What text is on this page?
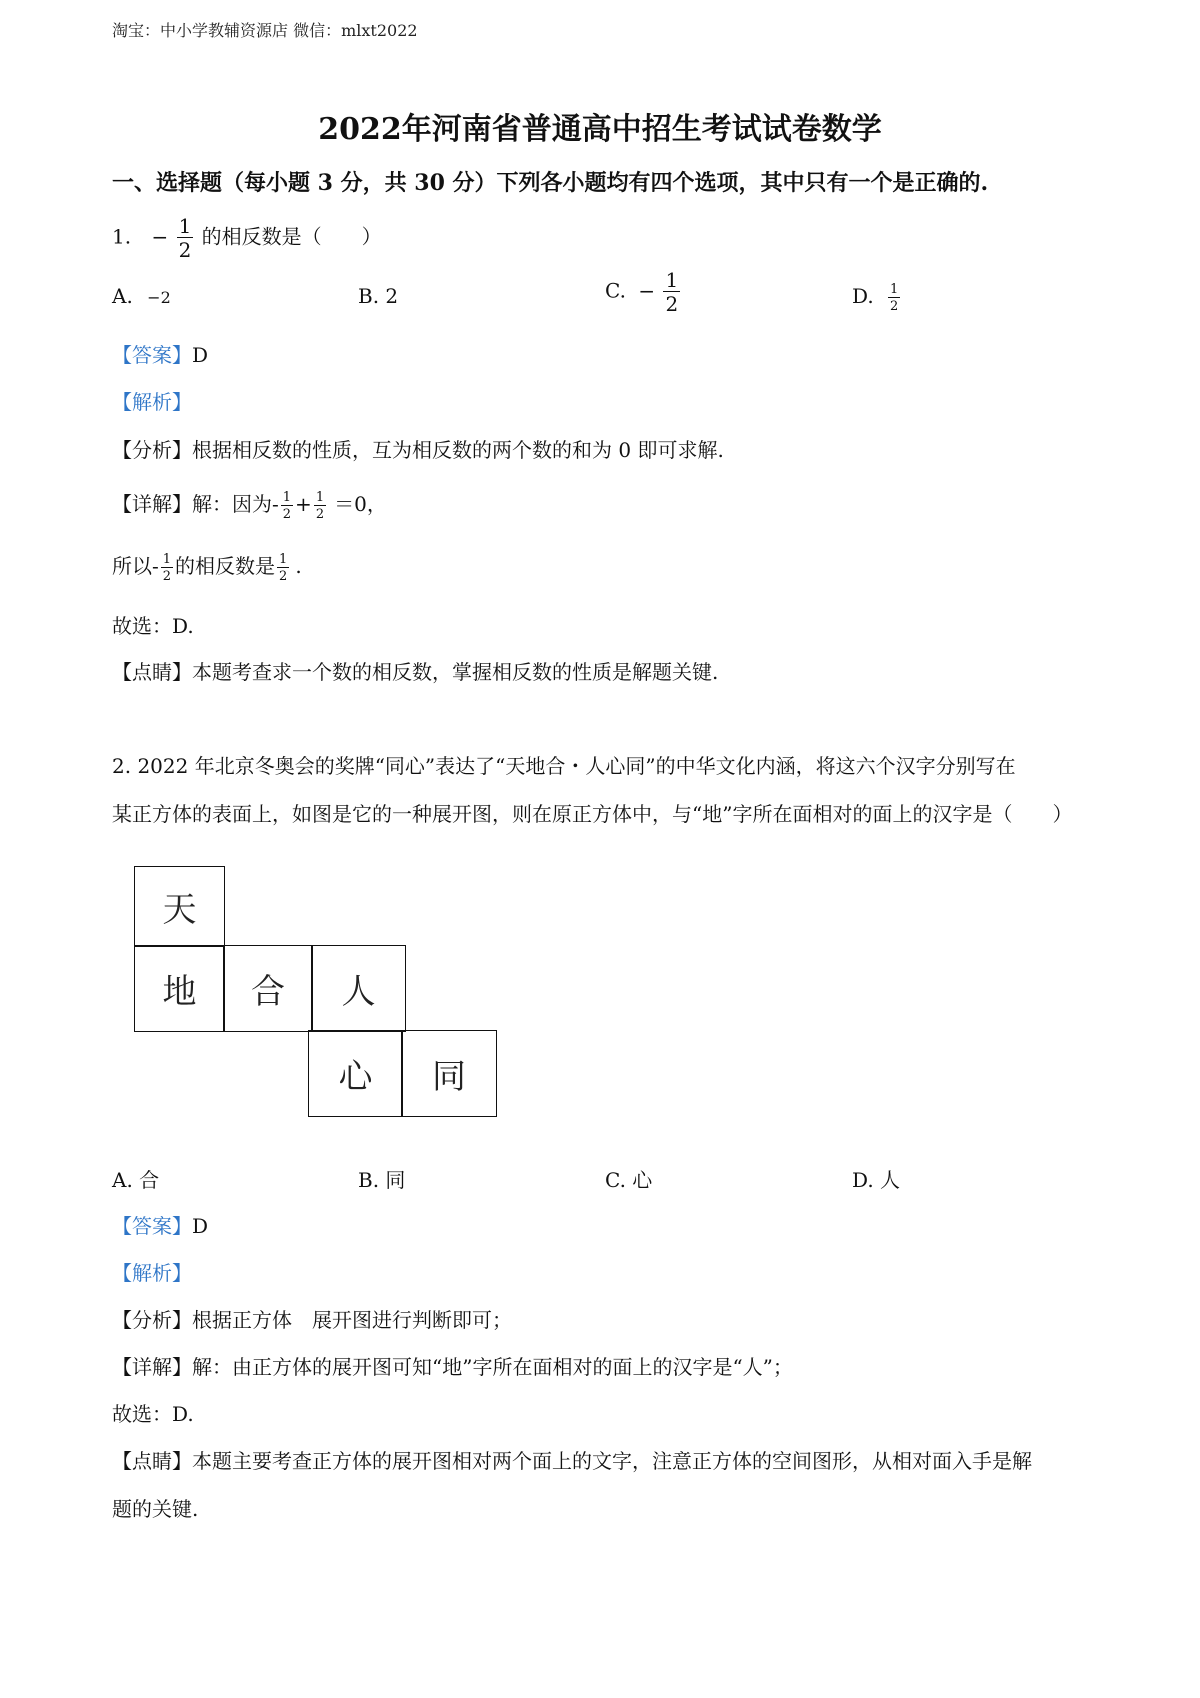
淘宝：中小学教辅资源店 微信：mlxt2022
2022年河南省普通高中招生考试试卷数学
一、选择题（每小题 3 分，共 30 分）下列各小题均有四个选项，其中只有一个是正确的.
1. − $\frac{1}{2}$ 的相反数是（　　）
A. −2	B. 2	C. − $\frac{1}{2}$	D. $\frac{1}{2}$
【答案】D
【解析】
【分析】根据相反数的性质，互为相反数的两个数的和为 0 即可求解.
【详解】解：因为- $\frac{1}{2} + \frac{1}{2} =0$，
所以- $\frac{1}{2}$ 的相反数是 $\frac{1}{2}$ .
故选：D.
【点睛】本题考查求一个数的相反数，掌握相反数的性质是解题关键.
2. 2022 年北京冬奥会的奖牌“同心”表达了“天地合・人心同”的中华文化内涵，将这六个汉字分别写在
某正方体的表面上，如图是它的一种展开图，则在原正方体中，与“地”字所在面相对的面上的汉字是（　　）
天
地	合	人
心	同
A. 合	B. 同	C. 心	D. 人
【答案】D
【解析】
【分析】根据正方体　展开图进行判断即可；
【详解】解：由正方体的展开图可知“地”字所在面相对的面上的汉字是“人”；
故选：D.
【点睛】本题主要考查正方体的展开图相对两个面上的文字，注意正方体的空间图形，从相对面入手是解
题的关键.
